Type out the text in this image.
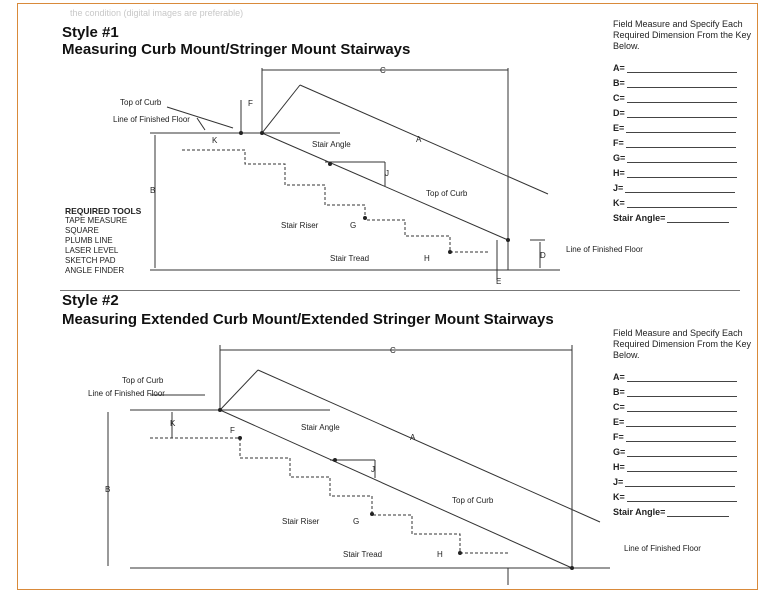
the condition (digital images are preferable)
Style #1
Measuring Curb Mount/Stringer Mount Stairways
Field Measure and Specify Each Required Dimension From the Key Below.
A=
B=
C=
D=
E=
F=
G=
H=
J=
K=
Stair Angle=
REQUIRED TOOLS
TAPE MEASURE
SQUARE
PLUMB LINE
LASER LEVEL
SKETCH PAD
ANGLE FINDER
Style #2
Measuring Extended Curb Mount/Extended Stringer Mount Stairways
Field Measure and Specify Each Required Dimension From the Key Below.
A=
B=
C=
E=
F=
G=
H=
J=
K=
Stair Angle=
Top of Curb
Line of Finished Floor
Stair Angle
Top of Curb
Stair Riser
Stair Tread
Line of Finished Floor
A
B
C
D
E
F
G
H
J
K
Top of Curb
Line of Finished Floor
Stair Angle
Top of Curb
Stair Riser
Stair Tread
Line of Finished Floor
A
B
C
F
G
H
J
K
